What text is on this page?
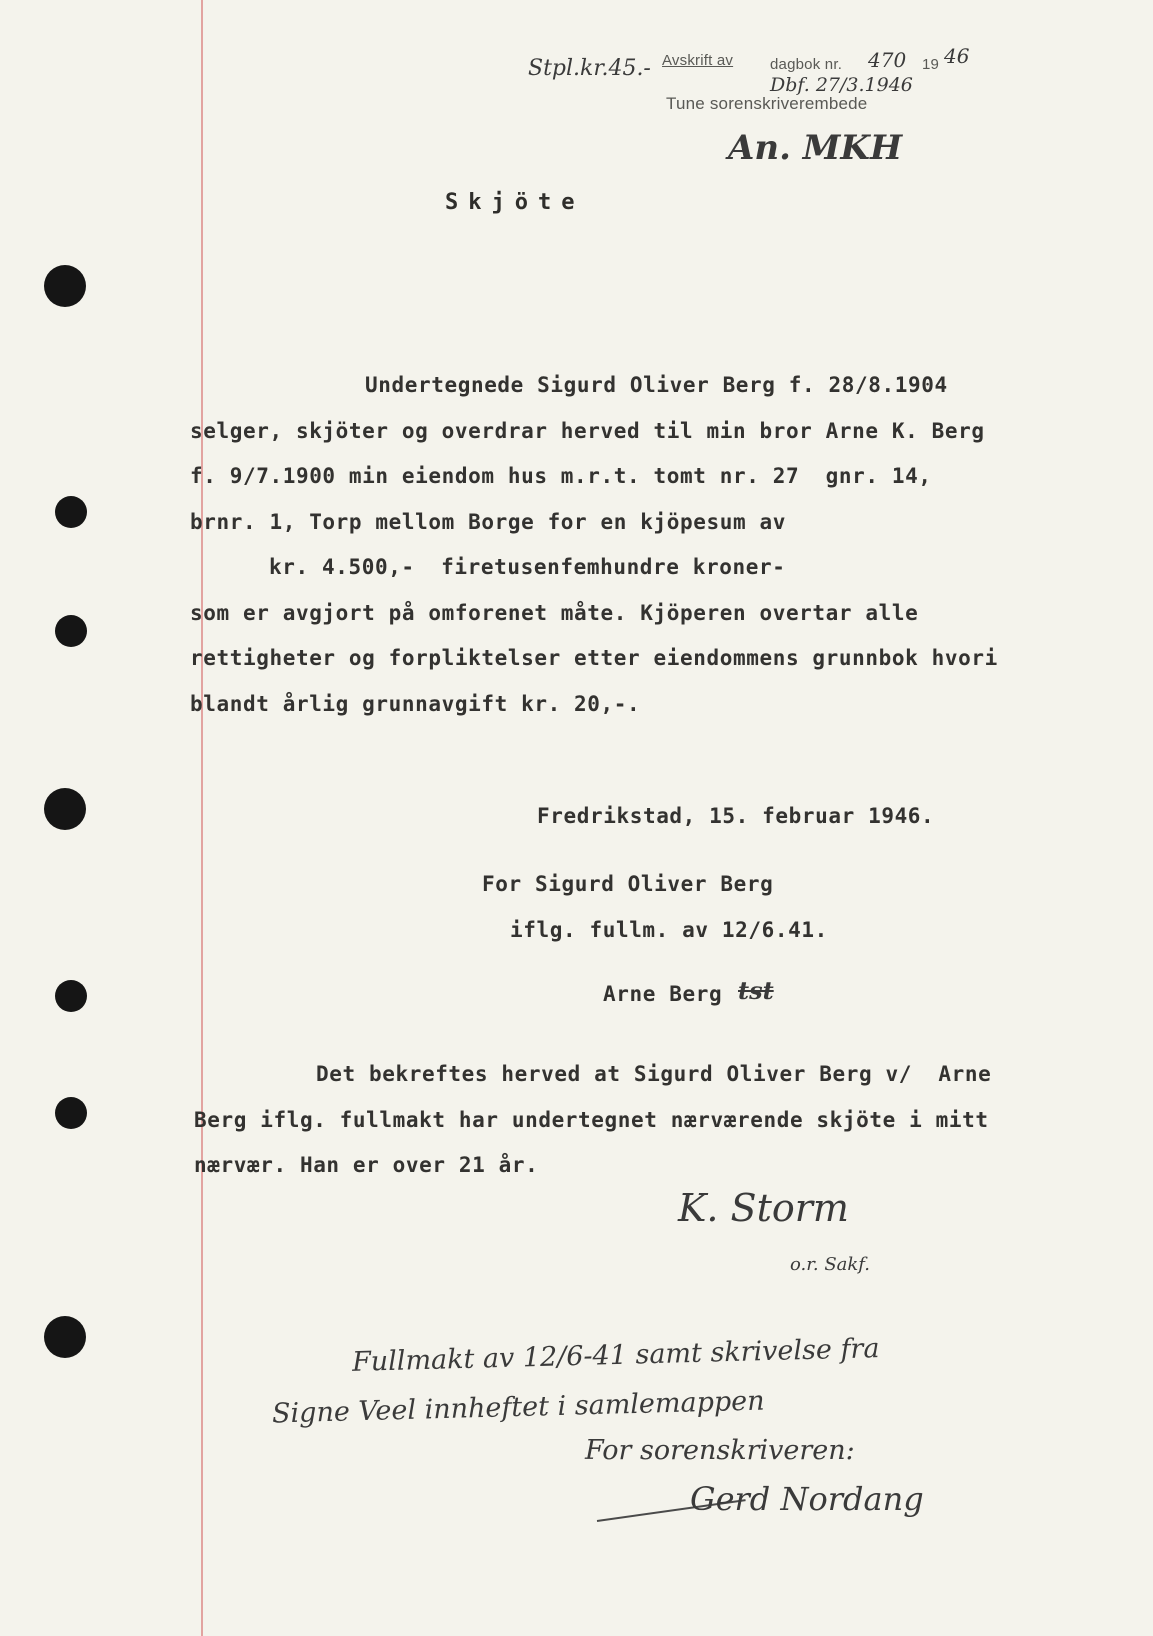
Stpl.kr.45.- Avskrift av dagbok nr. 470 19 46
Dbf. 27/3.1946
Tune sorenskriverembede
An. MKH
Skjöte
Undertegnede Sigurd Oliver Berg f. 28/8.1904
selger, skjöter og overdrar herved til min bror Arne K. Berg
f. 9/7.1900 min eiendom hus m.r.t. tomt nr. 27  gnr. 14,
brnr. 1, Torp mellom Borge for en kjöpesum av
kr. 4.500,-  firetusenfemhundre kroner-
som er avgjort på omforenet måte. Kjöperen overtar alle
rettigheter og forpliktelser etter eiendommens grunnbok hvori
blandt årlig grunnavgift kr. 20,-.
Fredrikstad, 15. februar 1946.
For Sigurd Oliver Berg
iflg. fullm. av 12/6.41.
Arne Berg tst
Det bekreftes herved at Sigurd Oliver Berg v/  Arne
Berg iflg. fullmakt har undertegnet nærværende skjöte i mitt
nærvær. Han er over 21 år.
K. Storm
o.r. Sakf.
Fullmakt av 12/6-41 samt skrivelse fra
Signe Veel innheftet i samlemappen
For sorenskriveren:
Gerd Nordang
